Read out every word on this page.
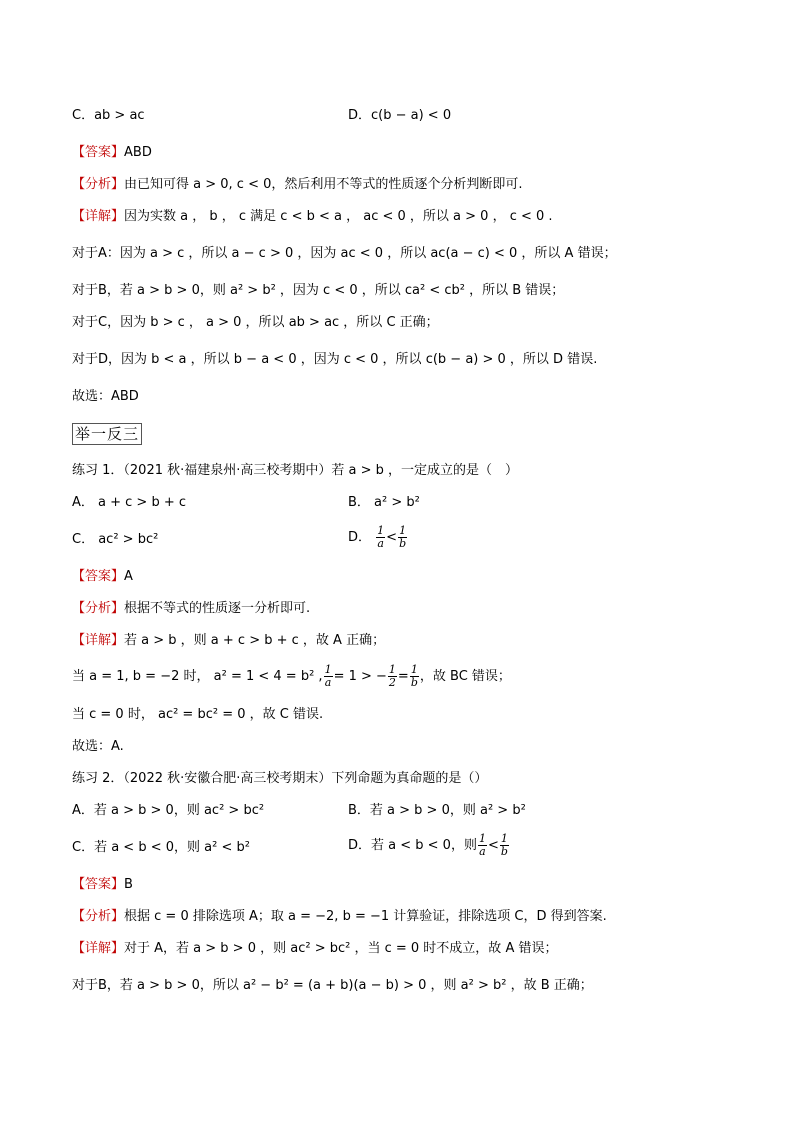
C．ab > ac	D．c(b − a) < 0
【答案】ABD
【分析】由已知可得 a > 0, c < 0，然后利用不等式的性质逐个分析判断即可.
【详解】因为实数 a ， b ， c 满足 c < b < a ， ac < 0 ，所以 a > 0 ， c < 0 .
对于A：因为 a > c ，所以 a − c > 0 ，因为 ac < 0 ，所以 ac(a − c) < 0 ，所以 A 错误；
对于B，若 a > b > 0，则 a² > b² ，因为 c < 0 ，所以 ca² < cb² ，所以 B 错误；
对于C，因为 b > c ， a > 0 ，所以 ab > ac ，所以 C 正确；
对于D，因为 b < a ，所以 b − a < 0 ，因为 c < 0 ，所以 c(b − a) > 0 ，所以 D 错误.
故选：ABD
举一反三
练习 1．（2021 秋·福建泉州·高三校考期中）若 a > b ，一定成立的是（　）
A． a + c > b + c	B． a² > b²
C． ac² > bc²	D． $\frac{1}{a} < \frac{1}{b}$
【答案】A
【分析】根据不等式的性质逐一分析即可.
【详解】若 a > b ，则 a + c > b + c ，故 A 正确；
当 a = 1, b = −2 时， a² = 1 < 4 = b² , $\frac{1}{a} = 1$ > − $\frac{1}{2} = \frac{1}{b}$ ，故 BC 错误；
当 c = 0 时， ac² = bc² = 0 ，故 C 错误.
故选：A.
练习 2．（2022 秋·安徽合肥·高三校考期末）下列命题为真命题的是（）
A．若 a > b > 0，则 ac² > bc²	B．若 a > b > 0，则 a² > b²
C．若 a < b < 0，则 a² < b²	D．若 a < b < 0，则 $\frac{1}{a} < \frac{1}{b}$
【答案】B
【分析】根据 c = 0 排除选项 A；取 a = −2, b = −1 计算验证，排除选项 C，D 得到答案.
【详解】对于 A，若 a > b > 0 ，则 ac² > bc² ，当 c = 0 时不成立，故 A 错误；
对于B，若 a > b > 0，所以 a² − b² = (a + b)(a − b) > 0 ，则 a² > b² ，故 B 正确；
